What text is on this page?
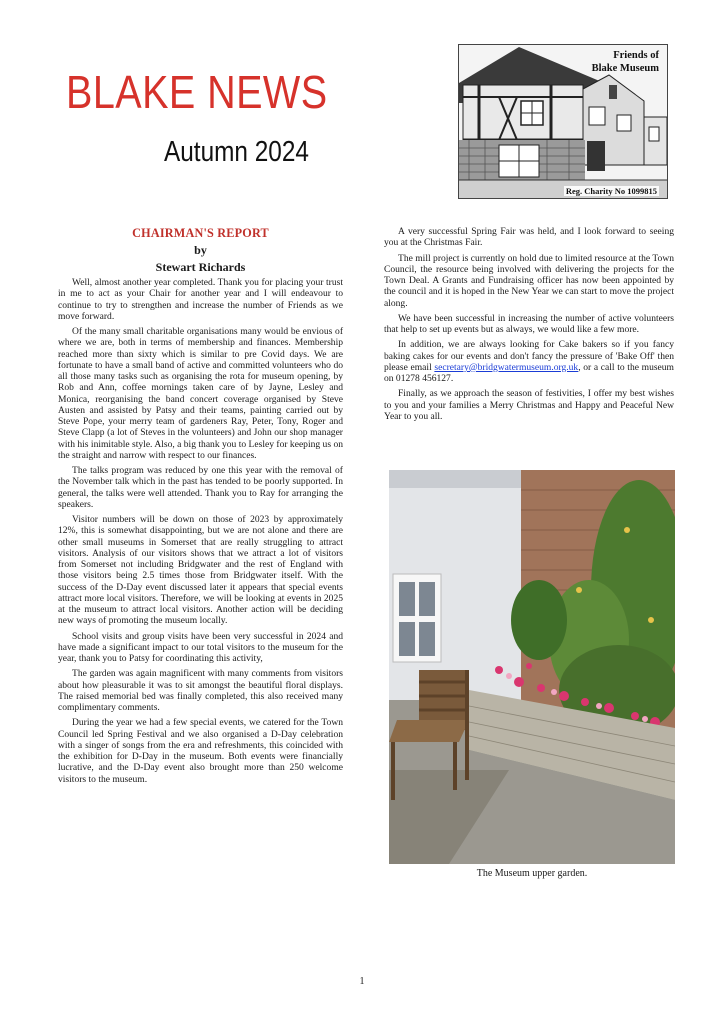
BLAKE NEWS
Autumn 2024
Friends of
Blake Museum
Reg. Charity No 1099815
CHAIRMAN'S REPORT
by
Stewart Richards

Well, almost another year completed. Thank you for placing your trust in me to act as your Chair for another year and I will endeavour to continue to try to strengthen and increase the number of Friends as we move forward.

Of the many small charitable organisations many would be envious of where we are, both in terms of membership and finances. Membership reached more than sixty which is similar to pre Covid days. We are fortunate to have a small band of active and committed volunteers who do all those many tasks such as organising the rota for museum opening, by Rob and Ann, coffee mornings taken care of by Jayne, Lesley and Monica, reorganising the band concert coverage organised by Steve Austen and assisted by Patsy and their teams, painting carried out by Steve Pope, your merry team of gardeners Ray, Peter, Tony, Roger and Steve Clapp (a lot of Steves in the volunteers) and John our shop manager with his inimitable style. Also, a big thank you to Lesley for keeping us on the straight and narrow with respect to our finances.

The talks program was reduced by one this year with the removal of the November talk which in the past has tended to be poorly supported. In general, the talks were well attended. Thank you to Ray for arranging the speakers.

Visitor numbers will be down on those of 2023 by approximately 12%, this is somewhat disappointing, but we are not alone and there are other small museums in Somerset that are really struggling to attract visitors. Analysis of our visitors shows that we attract a lot of visitors from Somerset not including Bridgwater and the rest of England with those visitors being 2.5 times those from Bridgwater itself. With the success of the D-Day event discussed later it appears that special events attract more local visitors. Therefore, we will be looking at events in 2025 at the museum to attract local visitors. Another action will be deciding new ways of promoting the museum locally.

School visits and group visits have been very successful in 2024 and have made a significant impact to our total visitors to the museum for the year, thank you to Patsy for coordinating this activity,

The garden was again magnificent with many comments from visitors about how pleasurable it was to sit amongst the beautiful floral displays. The raised memorial bed was finally completed, this also received many complimentary comments.

During the year we had a few special events, we catered for the Town Council led Spring Festival and we also organised a D-Day celebration with a singer of songs from the era and refreshments, this coincided with the exhibition for D-Day in the museum. Both events were financially lucrative, and the D-Day event also brought more than 250 welcome visitors to the museum.

A very successful Spring Fair was held, and I look forward to seeing you at the Christmas Fair.

The mill project is currently on hold due to limited resource at the Town Council, the resource being involved with delivering the projects for the Town Deal. A Grants and Fundraising officer has now been appointed by the council and it is hoped in the New Year we can start to move the project along.

We have been successful in increasing the number of active volunteers that help to set up events but as always, we would like a few more.

In addition, we are always looking for Cake bakers so if you fancy baking cakes for our events and don't fancy the pressure of 'Bake Off' then please email secretary@bridgwatermuseum.org.uk, or a call to the museum on 01278 456127.

Finally, as we approach the season of festivities, I offer my best wishes to you and your families a Merry Christmas and Happy and Peaceful New Year to you all.

The Museum upper garden.
1
